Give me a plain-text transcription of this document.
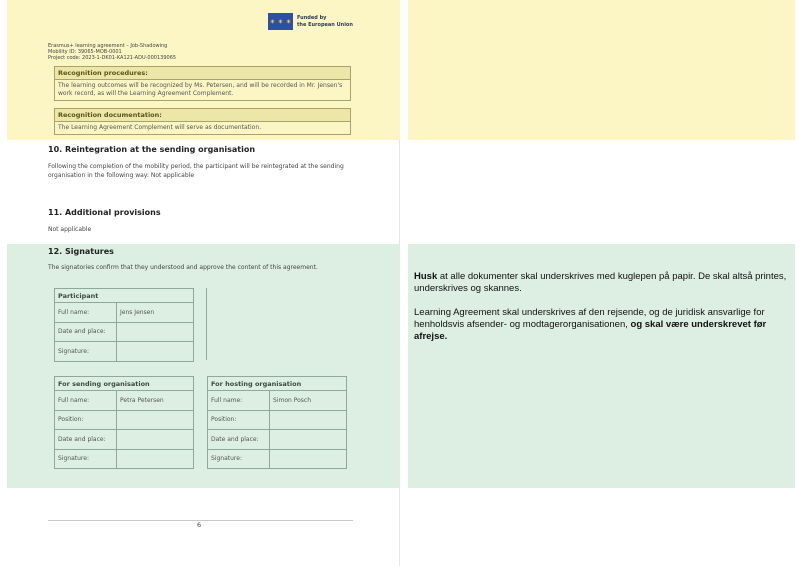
✶ ✶ ✶ Funded by
the European Union
Erasmus+ learning agreement – Job-Shadowing
Mobility ID: 39065-MOB-0001
Project code: 2023-1-DK01-KA121-ADU-000139065
Recognition procedures:
The learning outcomes will be recognized by Ms. Petersen, and will be recorded in Mr. Jensen's work record, as will the Learning Agreement Complement.
Recognition documentation:
The Learning Agreement Complement will serve as documentation.
10. Reintegration at the sending organisation
Following the completion of the mobility period, the participant will be reintegrated at the sending organisation in the following way: Not applicable
11. Additional provisions
Not applicable
12. Signatures
The signatories confirm that they understood and approve the content of this agreement.
Participant	
Full name:	Jens Jensen
Date and place:	
Signature:	
For sending organisation	
Full name:	Petra Petersen
Position:	
Date and place:	
Signature:	
For hosting organisation	
Full name:	Simon Posch
Position:	
Date and place:	
Signature:	
6

Husk at alle dokumenter skal underskrives med kuglepen på papir. De skal altså printes, underskrives og skannes.

Learning Agreement skal underskrives af den rejsende, og de juridisk ansvarlige for henholdsvis afsender- og modtagerorganisationen, og skal være underskrevet før afrejse.
